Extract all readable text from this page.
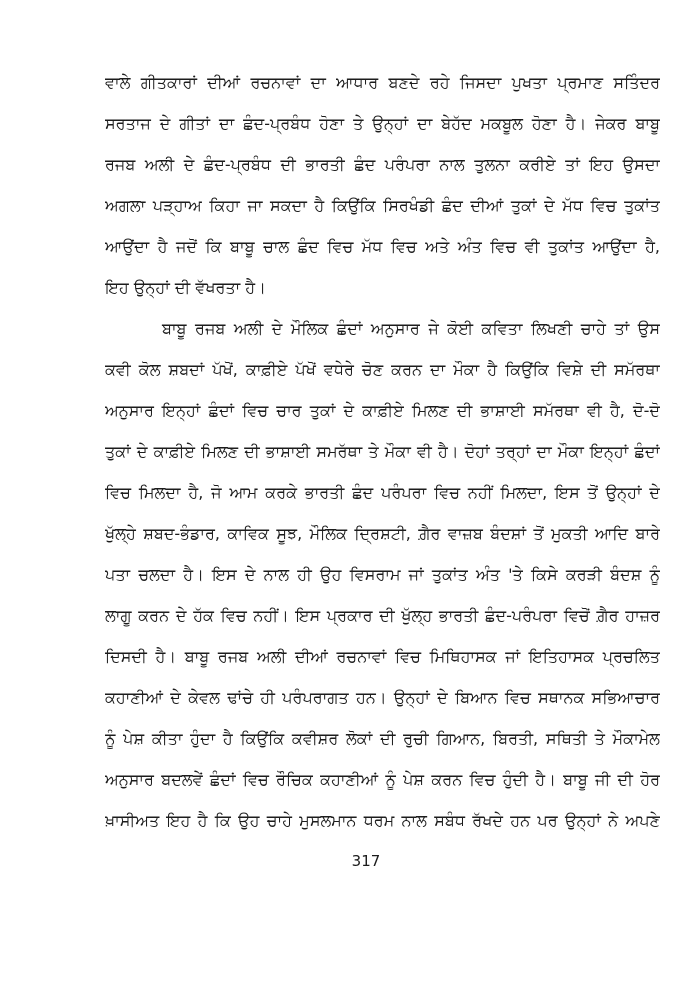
ਵਾਲੇ ਗੀਤਕਾਰਾਂ ਦੀਆਂ ਰਚਨਾਵਾਂ ਦਾ ਆਧਾਰ ਬਣਦੇ ਰਹੇ ਜਿਸਦਾ ਪੁਖਤਾ ਪ੍ਰਮਾਣ ਸਤਿੰਦਰ
ਸਰਤਾਜ ਦੇ ਗੀਤਾਂ ਦਾ ਛੰਦ-ਪ੍ਰਬੰਧ ਹੋਣਾ ਤੇ ਉਨ੍ਹਾਂ ਦਾ ਬੇਹੱਦ ਮਕਬੂਲ ਹੋਣਾ ਹੈ। ਜੇਕਰ ਬਾਬੂ
ਰਜਬ ਅਲੀ ਦੇ ਛੰਦ-ਪ੍ਰਬੰਧ ਦੀ ਭਾਰਤੀ ਛੰਦ ਪਰੰਪਰਾ ਨਾਲ ਤੁਲਨਾ ਕਰੀਏ ਤਾਂ ਇਹ ਉਸਦਾ
ਅਗਲਾ ਪੜ੍ਹਾਅ ਕਿਹਾ ਜਾ ਸਕਦਾ ਹੈ ਕਿਉਂਕਿ ਸਿਰਖੰਡੀ ਛੰਦ ਦੀਆਂ ਤੁਕਾਂ ਦੇ ਮੱਧ ਵਿਚ ਤੁਕਾਂਤ
ਆਉਂਦਾ ਹੈ ਜਦੋਂ ਕਿ ਬਾਬੂ ਚਾਲ ਛੰਦ ਵਿਚ ਮੱਧ ਵਿਚ ਅਤੇ ਅੰਤ ਵਿਚ ਵੀ ਤੁਕਾਂਤ ਆਉਂਦਾ ਹੈ,
ਇਹ ਉਨ੍ਹਾਂ ਦੀ ਵੱਖਰਤਾ ਹੈ।
ਬਾਬੂ ਰਜਬ ਅਲੀ ਦੇ ਮੌਲਿਕ ਛੰਦਾਂ ਅਨੁਸਾਰ ਜੇ ਕੋਈ ਕਵਿਤਾ ਲਿਖਣੀ ਚਾਹੇ ਤਾਂ ਉਸ
ਕਵੀ ਕੋਲ ਸ਼ਬਦਾਂ ਪੱਖੋਂ, ਕਾਫ਼ੀਏ ਪੱਖੋਂ ਵਧੇਰੇ ਚੋਣ ਕਰਨ ਦਾ ਮੌਕਾ ਹੈ ਕਿਉਂਕਿ ਵਿਸ਼ੇ ਦੀ ਸਮੱਰਥਾ
ਅਨੁਸਾਰ ਇਨ੍ਹਾਂ ਛੰਦਾਂ ਵਿਚ ਚਾਰ ਤੁਕਾਂ ਦੇ ਕਾਫ਼ੀਏ ਮਿਲਣ ਦੀ ਭਾਸ਼ਾਈ ਸਮੱਰਥਾ ਵੀ ਹੈ, ਦੋ-ਦੋ
ਤੁਕਾਂ ਦੇ ਕਾਫ਼ੀਏ ਮਿਲਣ ਦੀ ਭਾਸ਼ਾਈ ਸਮਰੱਥਾ ਤੇ ਮੌਕਾ ਵੀ ਹੈ। ਦੋਹਾਂ ਤਰ੍ਹਾਂ ਦਾ ਮੌਕਾ ਇਨ੍ਹਾਂ ਛੰਦਾਂ
ਵਿਚ ਮਿਲਦਾ ਹੈ, ਜੋ ਆਮ ਕਰਕੇ ਭਾਰਤੀ ਛੰਦ ਪਰੰਪਰਾ ਵਿਚ ਨਹੀਂ ਮਿਲਦਾ, ਇਸ ਤੋਂ ਉਨ੍ਹਾਂ ਦੇ
ਖੁੱਲ੍ਹੇ ਸ਼ਬਦ-ਭੰਡਾਰ, ਕਾਵਿਕ ਸੂਝ, ਮੌਲਿਕ ਦ੍ਰਿਸ਼ਟੀ, ਗ਼ੈਰ ਵਾਜ਼ਬ ਬੰਦਸ਼ਾਂ ਤੋਂ ਮੁਕਤੀ ਆਦਿ ਬਾਰੇ
ਪਤਾ ਚਲਦਾ ਹੈ। ਇਸ ਦੇ ਨਾਲ ਹੀ ਉਹ ਵਿਸਰਾਮ ਜਾਂ ਤੁਕਾਂਤ ਅੰਤ 'ਤੇ ਕਿਸੇ ਕਰੜੀ ਬੰਦਸ਼ ਨੂੰ
ਲਾਗੂ ਕਰਨ ਦੇ ਹੱਕ ਵਿਚ ਨਹੀਂ। ਇਸ ਪ੍ਰਕਾਰ ਦੀ ਖੁੱਲ੍ਹ ਭਾਰਤੀ ਛੰਦ-ਪਰੰਪਰਾ ਵਿਚੋਂ ਗ਼ੈਰ ਹਾਜ਼ਰ
ਦਿਸਦੀ ਹੈ। ਬਾਬੂ ਰਜਬ ਅਲੀ ਦੀਆਂ ਰਚਨਾਵਾਂ ਵਿਚ ਮਿਥਿਹਾਸਕ ਜਾਂ ਇਤਿਹਾਸਕ ਪ੍ਰਚਲਿਤ
ਕਹਾਣੀਆਂ ਦੇ ਕੇਵਲ ਢਾਂਚੇ ਹੀ ਪਰੰਪਰਾਗਤ ਹਨ। ਉਨ੍ਹਾਂ ਦੇ ਬਿਆਨ ਵਿਚ ਸਥਾਨਕ ਸਭਿਆਚਾਰ
ਨੂੰ ਪੇਸ਼ ਕੀਤਾ ਹੁੰਦਾ ਹੈ ਕਿਉਂਕਿ ਕਵੀਸ਼ਰ ਲੋਕਾਂ ਦੀ ਰੁਚੀ ਗਿਆਨ, ਬਿਰਤੀ, ਸਥਿਤੀ ਤੇ ਮੌਕਾਮੇਲ
ਅਨੁਸਾਰ ਬਦਲਵੇਂ ਛੰਦਾਂ ਵਿਚ ਰੌਚਿਕ ਕਹਾਣੀਆਂ ਨੂੰ ਪੇਸ਼ ਕਰਨ ਵਿਚ ਹੁੰਦੀ ਹੈ। ਬਾਬੂ ਜੀ ਦੀ ਹੋਰ
ਖ਼ਾਸੀਅਤ ਇਹ ਹੈ ਕਿ ਉਹ ਚਾਹੇ ਮੁਸਲਮਾਨ ਧਰਮ ਨਾਲ ਸਬੰਧ ਰੱਖਦੇ ਹਨ ਪਰ ਉਨ੍ਹਾਂ ਨੇ ਅਪਣੇ
317
